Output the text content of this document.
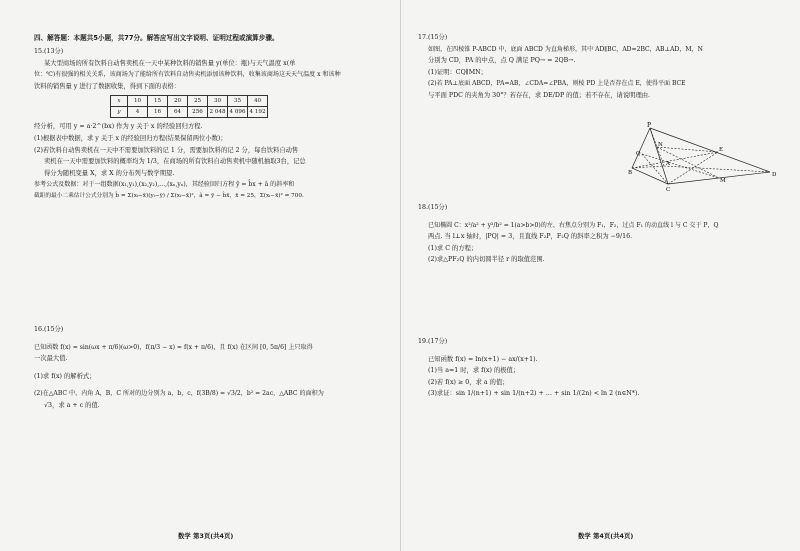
四、解答题：本题共5小题，共77分。解答应写出文字说明、证明过程或演算步骤。

15.(13分)

某大型商场的所有饮料自动售卖机在一天中某种饮料的销售量 y(单位：瓶)与天气温度 x(单

位：℃)有很强的相关关系，该商场为了能给所有饮料自动售卖机添加该种饮料，收集该商场这天天气温度 x 和该种

饮料的销售量 y 进行了数据收集，得到下面的表格：

x	10	15	20	25	30	35	40
y	4	16	64	256	2 048	4 096	4 192

经分析，可用 y = a·2^(bx) 作为 y 关于 x 的经验回归方程.

(1)根据表中数据，求 y 关于 x 的经验回归方程(结果保留两位小数)；

(2)若饮料自动售卖机在一天中不需要加饮料的记 1 分，需要加饮料的记 2 分，每台饮料自动售

卖机在一天中需要加饮料的概率均为 1/3，在商场的所有饮料自动售卖机中随机抽取3台，记总

得分为随机变量 X，求 X 的分布列与数学期望.

参考公式及数据：对于一组数据(x₁,y₁),(x₂,y₂),…,(xₙ,yₙ)，其经验回归方程 ŷ = b̂x + â 的斜率和

截距的最小二乘估计公式分别为 b̂ = Σ(xᵢ−x̄)(yᵢ−ȳ) / Σ(xᵢ−x̄)²，â = ȳ − b̂x̄，x̄ = 25，Σ(xᵢ−x̄)² = 700.

16.(15分)

已知函数 f(x) = sin(ωx + π/6)(ω>0)，f(π/3 − x) = f(x + π/6)，且 f(x) 在区间 [0, 5π/6] 上只取得

一次最大值.

(1)求 f(x) 的解析式；

(2)在△ABC 中，内角 A，B，C 所对的边分别为 a，b，c，f(3B/8) = √3/2，b² = 2ac，△ABC 的面积为

√3，求 a + c 的值.

数学 第3页(共4页)

17.(15分)

如图，在四棱锥 P-ABCD 中，底面 ABCD 为直角梯形，其中 AD∥BC，AD=2BC，AB⊥AD，M，N

分别为 CD，PA 的中点，点 Q 满足 PQ→ = 2QB→.

(1)证明：CQ∥MN；

(2)若 PA⊥底面 ABCD，PA=AB，∠CDA=∠PBA，则棱 PD 上是否存在点 E，使得平面 BCE

与平面 PDC 的夹角为 30°？若存在，求 DE/DP 的值；若不存在，请说明理由.

P
N
E
A
Q
B
C
M
D

18.(15分)

已知椭圆 C：x²/a² + y²/b² = 1(a>b>0)的左、右焦点分别为 F₁，F₂，过点 F₁ 的动直线 l 与 C 交于 P，Q

两点. 当 l⊥x 轴时，|PQ| = 3，且直线 F₂P，F₂Q 的斜率之积为 −9/16.

(1)求 C 的方程；

(2)求△PF₂Q 的内切圆半径 r 的取值范围.

19.(17分)

已知函数 f(x) = ln(x+1) − ax/(x+1).

(1)当 a=1 时，求 f(x) 的极值；

(2)若 f(x) ≥ 0，求 a 的值；

(3)求证：sin 1/(n+1) + sin 1/(n+2) + … + sin 1/(2n) < ln 2 (n∈N*).

数学 第4页(共4页)
